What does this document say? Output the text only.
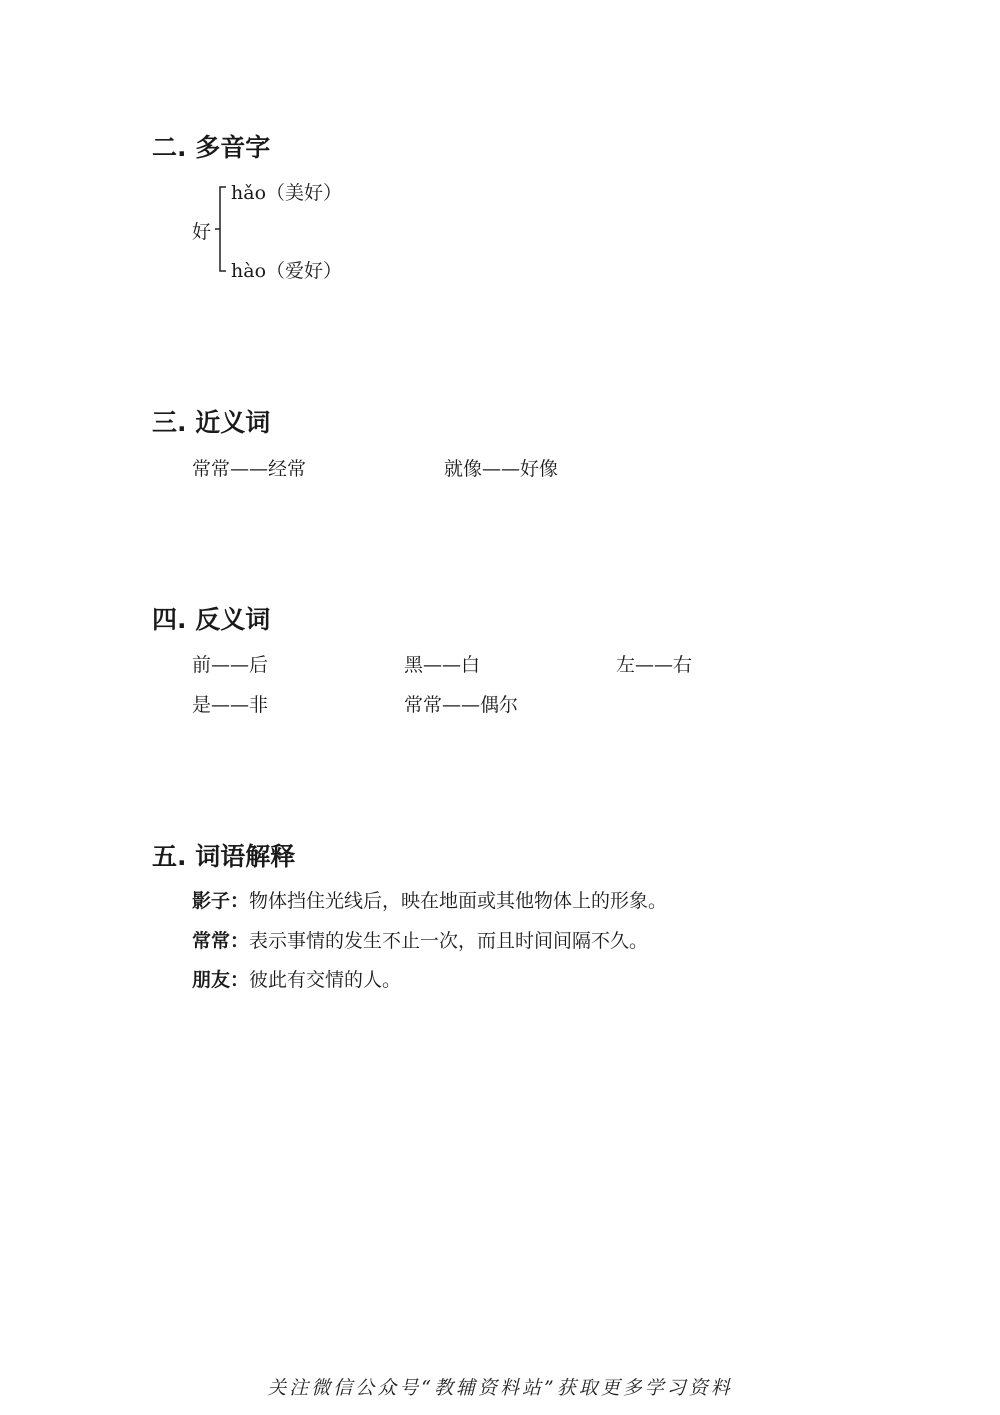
二. 多音字
好
hǎo（美好）
hào（爱好）
三. 近义词
常常——经常	就像——好像
四. 反义词
前——后	黑——白	左——右
是——非	常常——偶尔
五. 词语解释
影子：物体挡住光线后，映在地面或其他物体上的形象。
常常：表示事情的发生不止一次，而且时间间隔不久。
朋友：彼此有交情的人。
关注微信公众号“教辅资料站”获取更多学习资料
